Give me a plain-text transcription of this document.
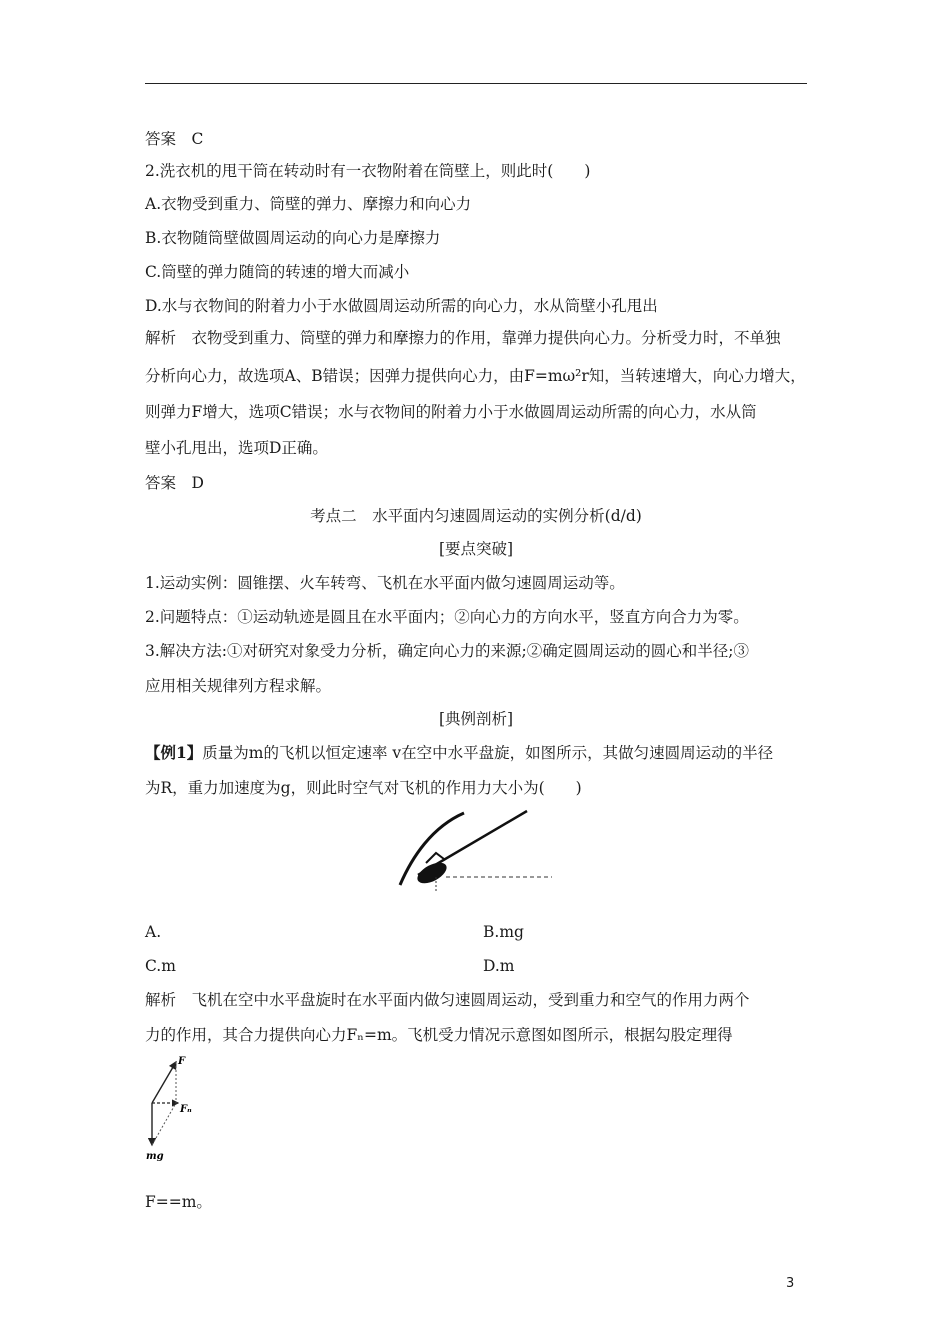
答案　C
2.洗衣机的甩干筒在转动时有一衣物附着在筒壁上，则此时(　　)
A.衣物受到重力、筒壁的弹力、摩擦力和向心力
B.衣物随筒壁做圆周运动的向心力是摩擦力
C.筒壁的弹力随筒的转速的增大而减小
D.水与衣物间的附着力小于水做圆周运动所需的向心力，水从筒壁小孔甩出
解析　衣物受到重力、筒壁的弹力和摩擦力的作用，靠弹力提供向心力。分析受力时，不单独
分析向心力，故选项A、B错误；因弹力提供向心力，由F=mω²r知，当转速增大，向心力增大，
则弹力F增大，选项C错误；水与衣物间的附着力小于水做圆周运动所需的向心力，水从筒
壁小孔甩出，选项D正确。
答案　D
考点二　水平面内匀速圆周运动的实例分析(d/d)
[要点突破]
1.运动实例：圆锥摆、火车转弯、飞机在水平面内做匀速圆周运动等。
2.问题特点：①运动轨迹是圆且在水平面内；②向心力的方向水平，竖直方向合力为零。
3.解决方法:①对研究对象受力分析，确定向心力的来源;②确定圆周运动的圆心和半径;③
应用相关规律列方程求解。
[典例剖析]
【例1】质量为m的飞机以恒定速率 v在空中水平盘旋，如图所示，其做匀速圆周运动的半径
为R，重力加速度为g，则此时空气对飞机的作用力大小为(　　)
A.	B.mg
C.m	D.m
解析　飞机在空中水平盘旋时在水平面内做匀速圆周运动，受到重力和空气的作用力两个
力的作用，其合力提供向心力Fₙ=m。飞机受力情况示意图如图所示，根据勾股定理得
F
Fₙ
mg
F==m。
3
